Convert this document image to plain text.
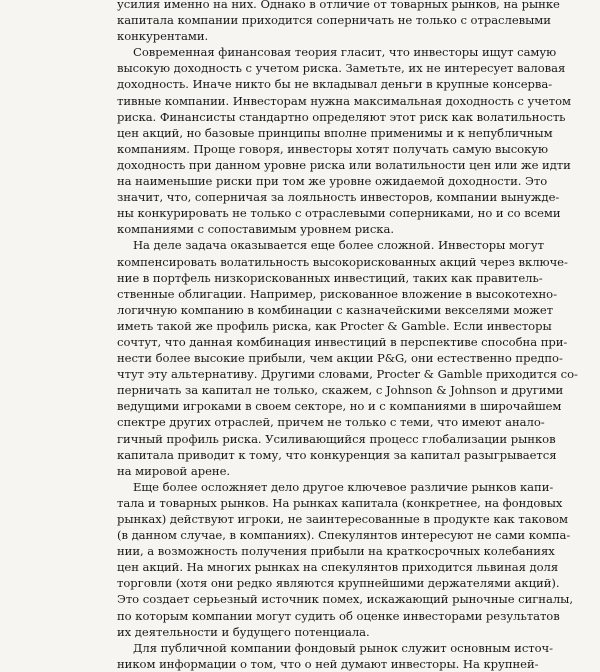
усилия именно на них. Однако в отличие от товарных рынков, на рынке
капитала компании приходится соперничать не только с отраслевыми
конкурентами.
Современная финансовая теория гласит, что инвесторы ищут самую
высокую доходность с учетом риска. Заметьте, их не интересует валовая
доходность. Иначе никто бы не вкладывал деньги в крупные консерва-
тивные компании. Инвесторам нужна максимальная доходность с учетом
риска. Финансисты стандартно определяют этот риск как волатильность
цен акций, но базовые принципы вполне применимы и к непубличным
компаниям. Проще говоря, инвесторы хотят получать самую высокую
доходность при данном уровне риска или волатильности цен или же идти
на наименьшие риски при том же уровне ожидаемой доходности. Это
значит, что, соперничая за лояльность инвесторов, компании вынужде-
ны конкурировать не только с отраслевыми соперниками, но и со всеми
компаниями с сопоставимым уровнем риска.
На деле задача оказывается еще более сложной. Инвесторы могут
компенсировать волатильность высокорискованных акций через включе-
ние в портфель низкорискованных инвестиций, таких как правитель-
ственные облигации. Например, рискованное вложение в высокотехно-
логичную компанию в комбинации с казначейскими векселями может
иметь такой же профиль риска, как Procter & Gamble. Если инвесторы
сочтут, что данная комбинация инвестиций в перспективе способна при-
нести более высокие прибыли, чем акции P&G, они естественно предпо-
чтут эту альтернативу. Другими словами, Procter & Gamble приходится со-
перничать за капитал не только, скажем, с Johnson & Johnson и другими
ведущими игроками в своем секторе, но и с компаниями в широчайшем
спектре других отраслей, причем не только с теми, что имеют анало-
гичный профиль риска. Усиливающийся процесс глобализации рынков
капитала приводит к тому, что конкуренция за капитал разыгрывается
на мировой арене.
Еще более осложняет дело другое ключевое различие рынков капи-
тала и товарных рынков. На рынках капитала (конкретнее, на фондовых
рынках) действуют игроки, не заинтересованные в продукте как таковом
(в данном случае, в компаниях). Спекулянтов интересуют не сами компа-
нии, а возможность получения прибыли на краткосрочных колебаниях
цен акций. На многих рынках на спекулянтов приходится львиная доля
торговли (хотя они редко являются крупнейшими держателями акций).
Это создает серьезный источник помех, искажающий рыночные сигналы,
по которым компании могут судить об оценке инвесторами результатов
их деятельности и будущего потенциала.
Для публичной компании фондовый рынок служит основным источ-
ником информации о том, что о ней думают инвесторы. На крупней-
